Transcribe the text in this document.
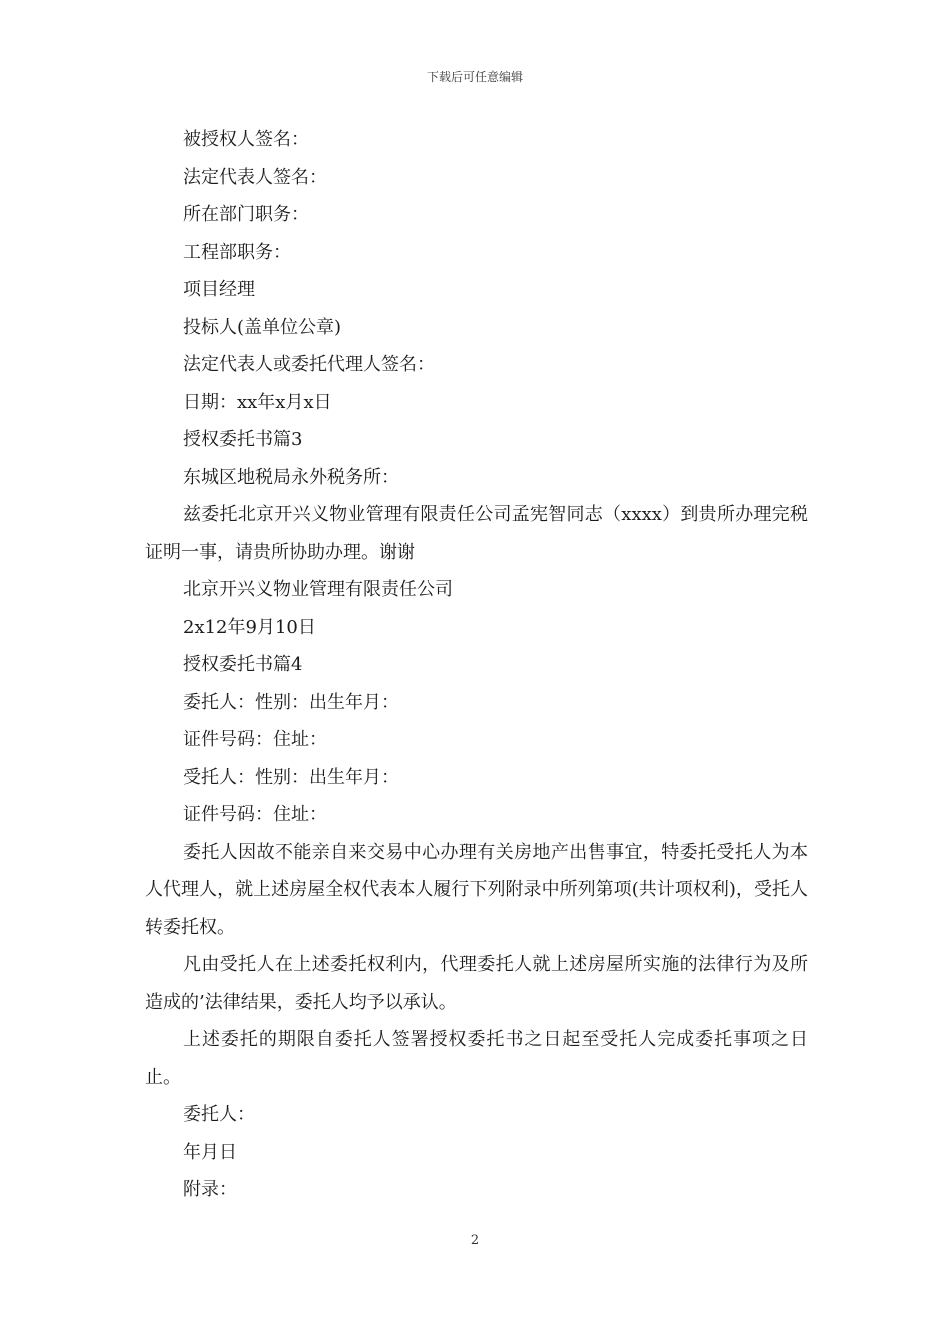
下载后可任意编辑

被授权人签名：

法定代表人签名：

所在部门职务：

工程部职务：

项目经理

投标人(盖单位公章)

法定代表人或委托代理人签名：

日期：xx年x月x日

授权委托书篇3

东城区地税局永外税务所：

兹委托北京开兴义物业管理有限责任公司孟宪智同志（xxxx）到贵所办理完税证明一事，请贵所协助办理。谢谢

北京开兴义物业管理有限责任公司

2x12年9月10日

授权委托书篇4

委托人：性别：出生年月：

证件号码：住址：

受托人：性别：出生年月：

证件号码：住址：

委托人因故不能亲自来交易中心办理有关房地产出售事宜，特委托受托人为本人代理人，就上述房屋全权代表本人履行下列附录中所列第项(共计项权利)，受托人转委托权。

凡由受托人在上述委托权利内，代理委托人就上述房屋所实施的法律行为及所造成的’法律结果，委托人均予以承认。

上述委托的期限自委托人签署授权委托书之日起至受托人完成委托事项之日止。

委托人：

年月日

附录：

2
